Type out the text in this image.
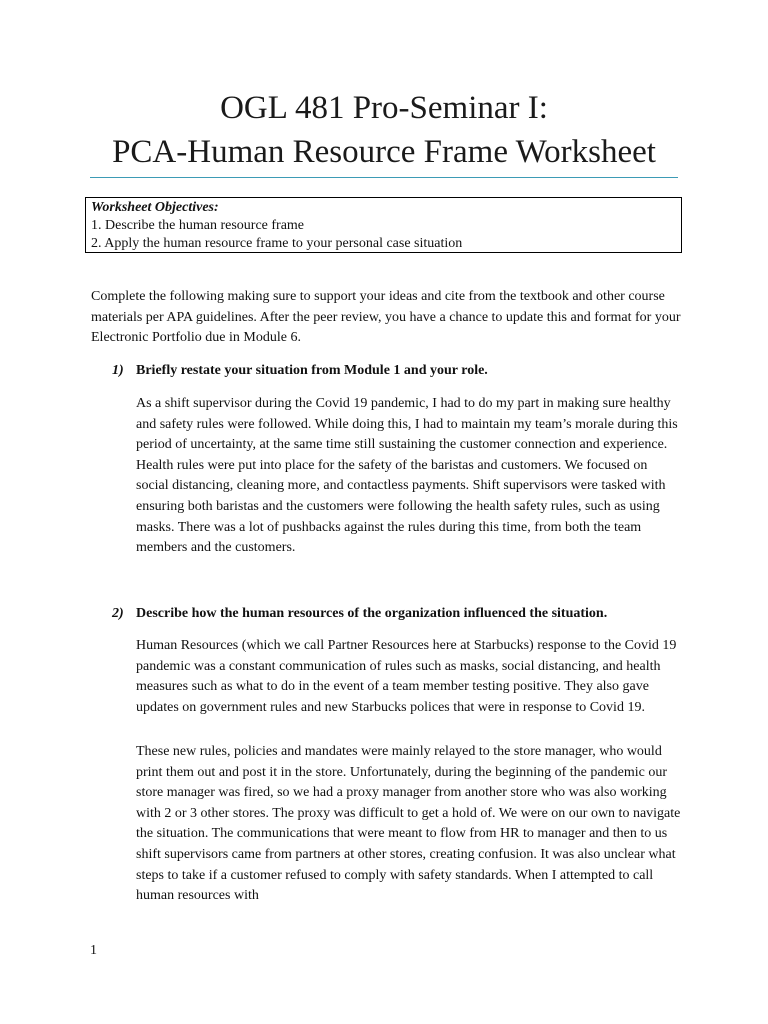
OGL 481 Pro-Seminar I:
PCA-Human Resource Frame Worksheet
Worksheet Objectives:
1. Describe the human resource frame
2. Apply the human resource frame to your personal case situation

Complete the following making sure to support your ideas and cite from the textbook and other course materials per APA guidelines. After the peer review, you have a chance to update this and format for your Electronic Portfolio due in Module 6.

1) Briefly restate your situation from Module 1 and your role.

As a shift supervisor during the Covid 19 pandemic, I had to do my part in making sure healthy and safety rules were followed. While doing this, I had to maintain my team’s morale during this period of uncertainty, at the same time still sustaining the customer connection and experience. Health rules were put into place for the safety of the baristas and customers. We focused on social distancing, cleaning more, and contactless payments. Shift supervisors were tasked with ensuring both baristas and the customers were following the health safety rules, such as using masks. There was a lot of pushbacks against the rules during this time, from both the team members and the customers.

2) Describe how the human resources of the organization influenced the situation.

Human Resources (which we call Partner Resources here at Starbucks) response to the Covid 19 pandemic was a constant communication of rules such as masks, social distancing, and health measures such as what to do in the event of a team member testing positive. They also gave updates on government rules and new Starbucks polices that were in response to Covid 19.

These new rules, policies and mandates were mainly relayed to the store manager, who would print them out and post it in the store. Unfortunately, during the beginning of the pandemic our store manager was fired, so we had a proxy manager from another store who was also working with 2 or 3 other stores. The proxy was difficult to get a hold of. We were on our own to navigate the situation. The communications that were meant to flow from HR to manager and then to us shift supervisors came from partners at other stores, creating confusion. It was also unclear what steps to take if a customer refused to comply with safety standards. When I attempted to call human resources with

1
